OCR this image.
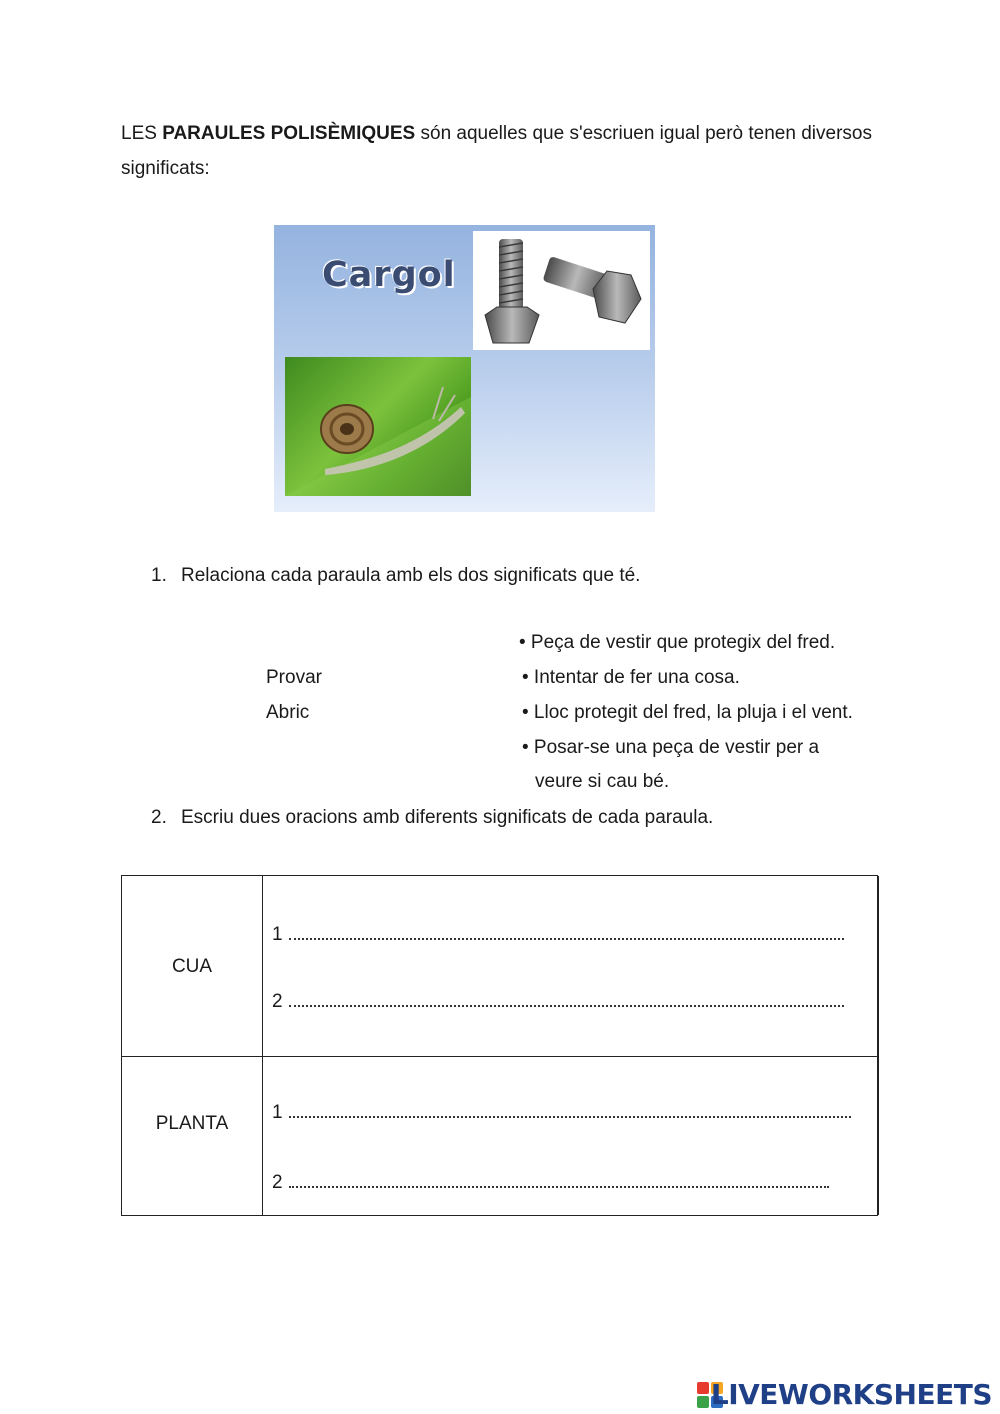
LES PARAULES POLISÈMIQUES són aquelles que s'escriuen igual però tenen diversos significats:
Cargol
1. Relaciona cada paraula amb els dos significats que té.
Provar
Abric
• Peça de vestir que protegix del fred.
• Intentar de fer una cosa.
• Lloc protegit del fred, la pluja i el vent.
• Posar-se una peça de vestir per a
veure si cau bé.
2. Escriu dues oracions amb diferents significats de cada paraula.
CUA
1
2
PLANTA
1
2
LIVEWORKSHEETS
